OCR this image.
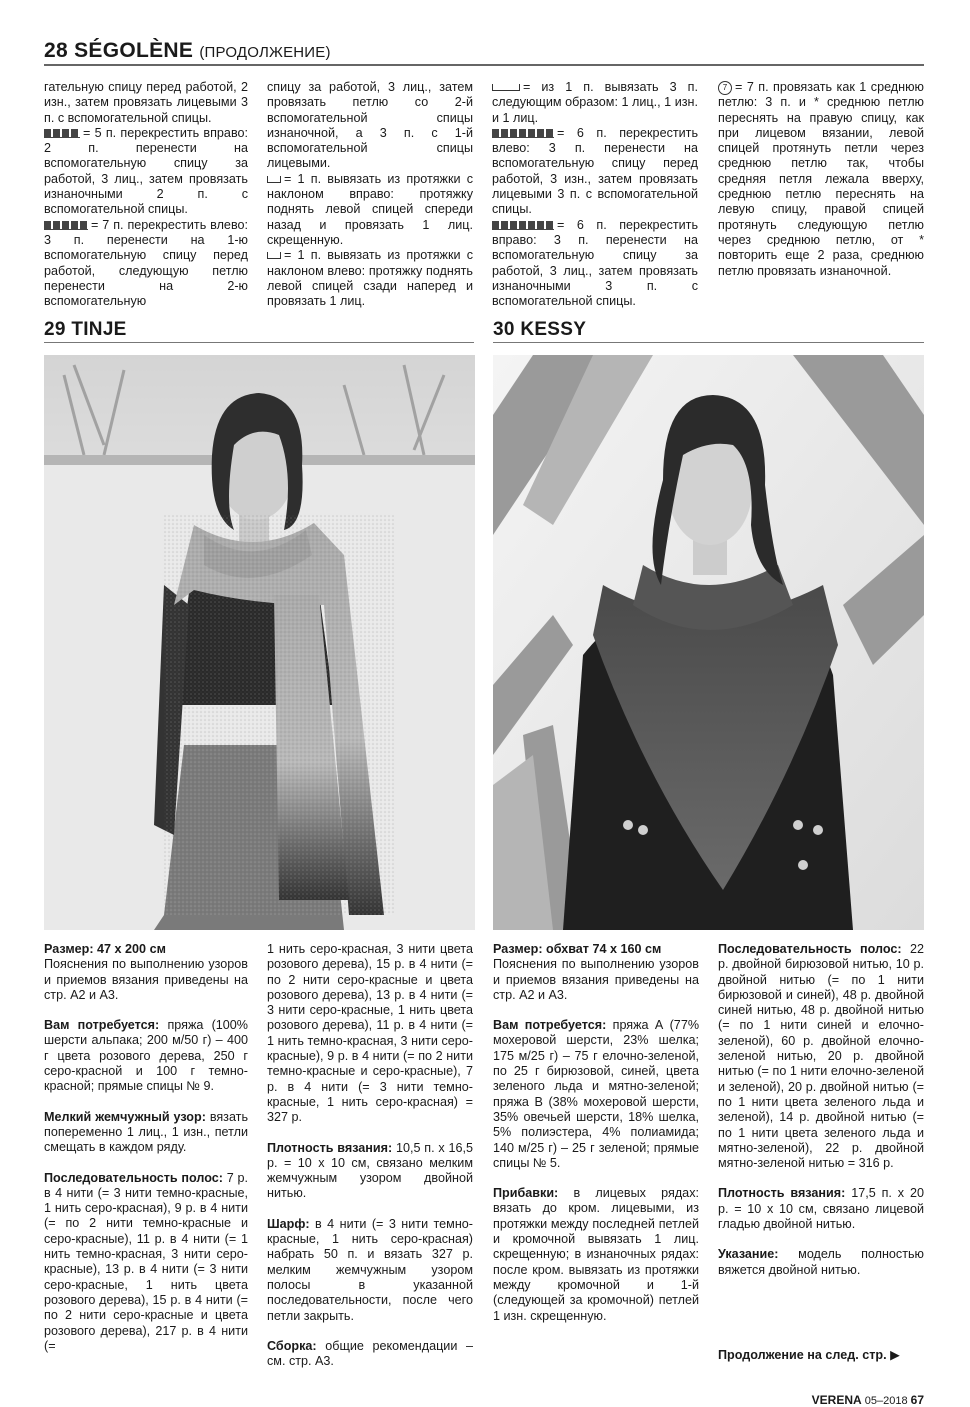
28 SÉGOLÈNE (ПРОДОЛЖЕНИЕ)

гательную спицу перед работой, 2 изн., затем провязать лицевыми 3 п. с вспомогательной спицы.

= 5 п. перекрестить вправо: 2 п. перенести на вспомогательную спицу за работой, 3 лиц., затем провязать изнаночными 2 п. с вспомогательной спицы.

= 7 п. перекрестить влево: 3 п. перенести на 1-ю вспомогательную спицу перед работой, следующую петлю перенести на 2-ю вспомогательную

спицу за работой, 3 лиц., затем провязать петлю со 2-й вспомогательной спицы изнаночной, а 3 п. с 1-й вспомогательной спицы лицевыми.

= 1 п. вывязать из протяжки с наклоном вправо: протяжку поднять левой спицей спереди назад и провязать 1 лиц. скрещенную.

= 1 п. вывязать из протяжки с наклоном влево: протяжку поднять левой спицей сзади наперед и провязать 1 лиц.

= из 1 п. вывязать 3 п. следующим образом: 1 лиц., 1 изн. и 1 лиц.

= 6 п. перекрестить влево: 3 п. перенести на вспомогательную спицу перед работой, 3 изн., затем провязать лицевыми 3 п. с вспомогательной спицы.

= 6 п. перекрестить вправо: 3 п. перенести на вспомогательную спицу за работой, 3 лиц., затем провязать изнаночными 3 п. с вспомогательной спицы.

7 = 7 п. провязать как 1 среднюю петлю: 3 п. и * среднюю петлю переснять на правую спицу, как при лицевом вязании, левой спицей протянуть петли через среднюю петлю так, чтобы средняя петля лежала вверху, среднюю петлю переснять на левую спицу, правой спицей протянуть следующую петлю через среднюю петлю, от * повторить еще 2 раза, среднюю петлю провязать изнаночной.

29 TINJE	30 KESSY

Размер: 47 х 200 см

Пояснения по выполнению узоров и приемов вязания приведены на стр. А2 и А3.

Вам потребуется: пряжа (100% шерсти альпака; 200 м/50 г) – 400 г цвета розового дерева, 250 г серо-красной и 100 г темно-красной; прямые спицы № 9.

Мелкий жемчужный узор: вязать попеременно 1 лиц., 1 изн., петли смещать в каждом ряду.

Последовательность полос: 7 р. в 4 нити (= 3 нити темно-красные, 1 нить серо-красная), 9 р. в 4 нити (= по 2 нити темно-красные и серо-красные), 11 р. в 4 нити (= 1 нить темно-красная, 3 нити серо-красные), 13 р. в 4 нити (= 3 нити серо-красные, 1 нить цвета розового дерева), 15 р. в 4 нити (= по 2 нити серо-красные и цвета розового дерева), 217 р. в 4 нити (=

1 нить серо-красная, 3 нити цвета розового дерева), 15 р. в 4 нити (= по 2 нити серо-красные и цвета розового дерева), 13 р. в 4 нити (= 3 нити серо-красные, 1 нить цвета розового дерева), 11 р. в 4 нити (= 1 нить темно-красная, 3 нити серо-красные), 9 р. в 4 нити (= по 2 нити темно-красные и серо-красные), 7 р. в 4 нити (= 3 нити темно-красные, 1 нить серо-красная) = 327 р.

Плотность вязания: 10,5 п. х 16,5 р. = 10 х 10 см, связано мелким жемчужным узором двойной нитью.

Шарф: в 4 нити (= 3 нити темно-красные, 1 нить серо-красная) набрать 50 п. и вязать 327 р. мелким жемчужным узором полосы в указанной последовательности, после чего петли закрыть.

Сборка: общие рекомендации – см. стр. А3.

Размер: обхват 74 х 160 см

Пояснения по выполнению узоров и приемов вязания приведены на стр. А2 и А3.

Вам потребуется: пряжа А (77% мохеровой шерсти, 23% шелка; 175 м/25 г) – 75 г елочно-зеленой, по 25 г бирюзовой, синей, цвета зеленого льда и мятно-зеленой; пряжа В (38% мохеровой шерсти, 35% овечьей шерсти, 18% шелка, 5% полиэстера, 4% полиамида; 140 м/25 г) – 25 г зеленой; прямые спицы № 5.

Прибавки: в лицевых рядах: вязать до кром. лицевыми, из протяжки между последней петлей и кромочной вывязать 1 лиц. скрещенную; в изнаночных рядах: после кром. вывязать из протяжки между кромочной и 1-й (следующей за кромочной) петлей 1 изн. скрещенную.

Последовательность полос: 22 р. двойной бирюзовой нитью, 10 р. двойной нитью (= по 1 нити бирюзовой и синей), 48 р. двойной синей нитью, 48 р. двойной нитью (= по 1 нити синей и елочно-зеленой), 60 р. двойной елочно-зеленой нитью, 20 р. двойной нитью (= по 1 нити елочно-зеленой и зеленой), 20 р. двойной нитью (= по 1 нити цвета зеленого льда и зеленой), 14 р. двойной нитью (= по 1 нити цвета зеленого льда и мятно-зеленой), 22 р. двойной мятно-зеленой нитью = 316 р.

Плотность вязания: 17,5 п. х 20 р. = 10 х 10 см, связано лицевой гладью двойной нитью.

Указание: модель полностью вяжется двойной нитью.

Продолжение на след. стр. ▶
VERENA 05–2018 67
